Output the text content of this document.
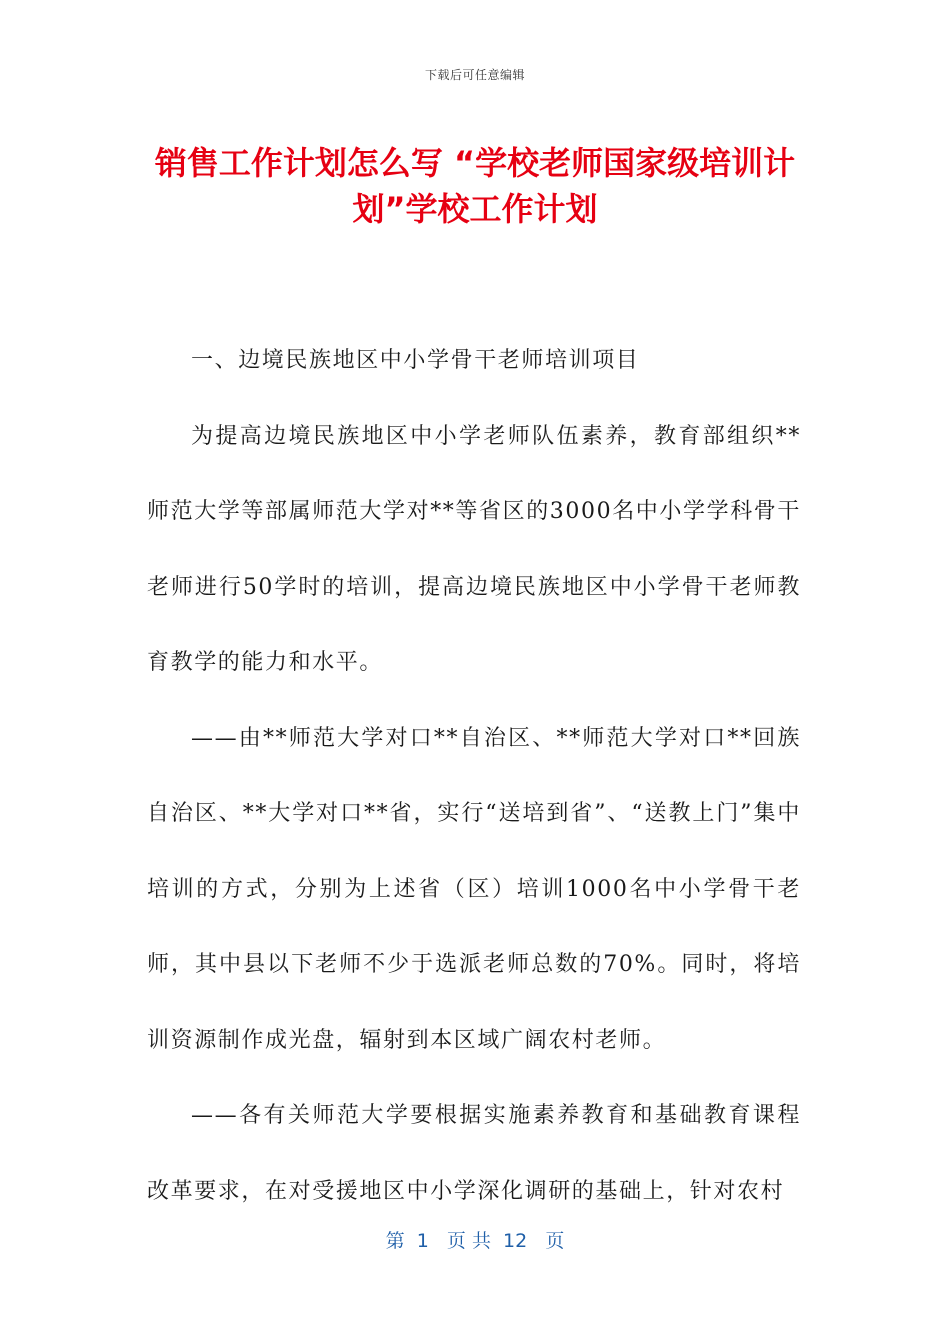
下载后可任意编辑
销售工作计划怎么写 “学校老师国家级培训计划”学校工作计划

一、边境民族地区中小学骨干老师培训项目

为提高边境民族地区中小学老师队伍素养，教育部组织**师范大学等部属师范大学对**等省区的3000名中小学学科骨干老师进行50学时的培训，提高边境民族地区中小学骨干老师教育教学的能力和水平。

——由**师范大学对口**自治区、**师范大学对口**回族自治区、**大学对口**省，实行“送培到省”、“送教上门”集中培训的方式，分别为上述省（区）培训1000名中小学骨干老师，其中县以下老师不少于选派老师总数的70%。同时，将培训资源制作成光盘，辐射到本区域广阔农村老师。

——各有关师范大学要根据实施素养教育和基础教育课程改革要求，在对受援地区中小学深化调研的基础上，针对农村

第  1   页 共  12   页
